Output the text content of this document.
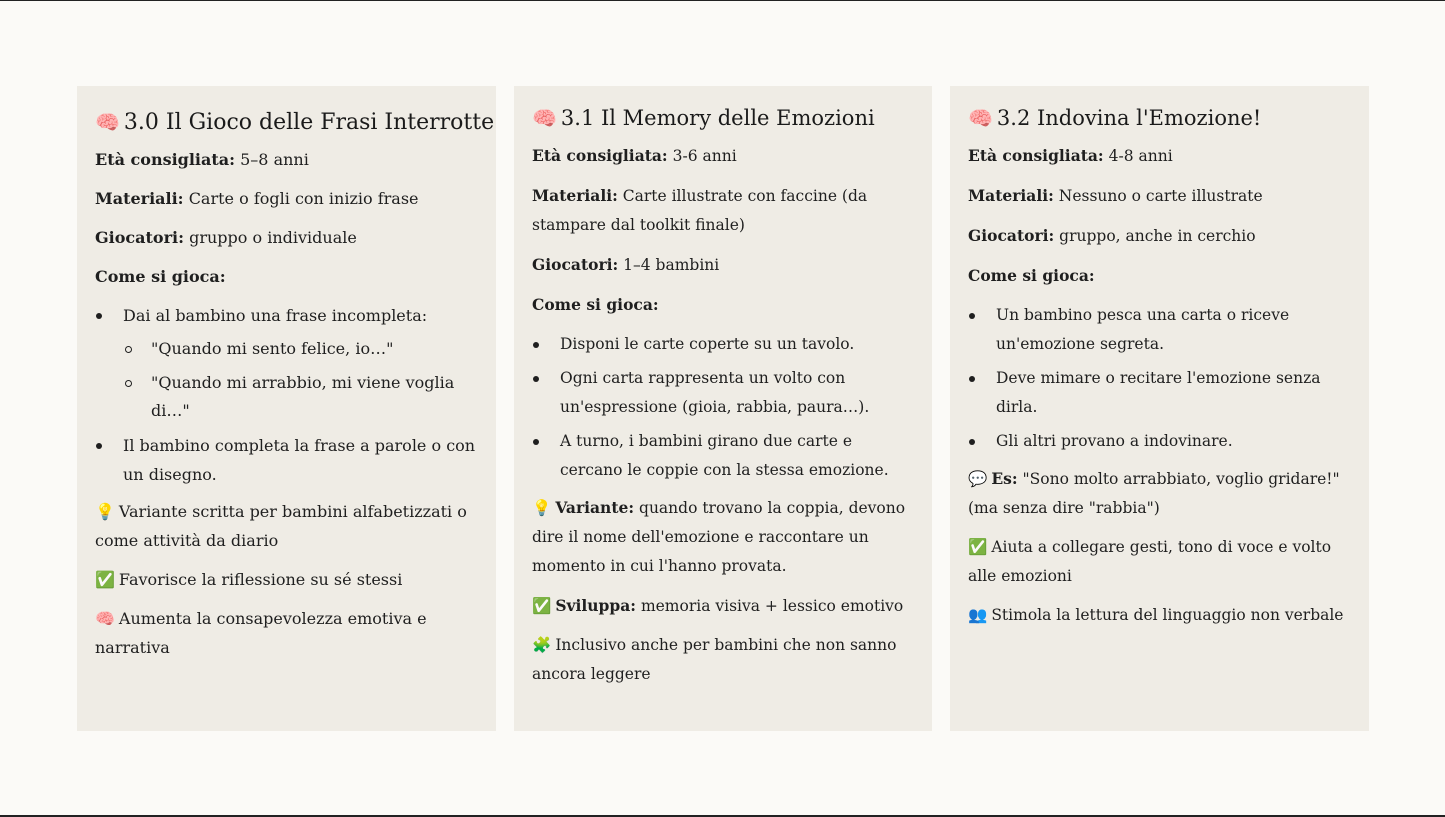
🧠 3.0 Il Gioco delle Frasi Interrotte

Età consigliata: 5–8 anni

Materiali: Carte o fogli con inizio frase

Giocatori: gruppo o individuale

Come si gioca:

Dai al bambino una frase incompleta:
"Quando mi sento felice, io…"
"Quando mi arrabbio, mi viene voglia di…"
Il bambino completa la frase a parole o con un disegno.

💡 Variante scritta per bambini alfabetizzati o come attività da diario

✅ Favorisce la riflessione su sé stessi

🧠 Aumenta la consapevolezza emotiva e narrativa

🧠 3.1 Il Memory delle Emozioni

Età consigliata: 3-6 anni

Materiali: Carte illustrate con faccine (da stampare dal toolkit finale)

Giocatori: 1–4 bambini

Come si gioca:

Disponi le carte coperte su un tavolo.
Ogni carta rappresenta un volto con un'espressione (gioia, rabbia, paura…).
A turno, i bambini girano due carte e cercano le coppie con la stessa emozione.

💡 Variante: quando trovano la coppia, devono dire il nome dell'emozione e raccontare un momento in cui l'hanno provata.

✅ Sviluppa: memoria visiva + lessico emotivo

🧩 Inclusivo anche per bambini che non sanno ancora leggere

🧠 3.2 Indovina l'Emozione!

Età consigliata: 4-8 anni

Materiali: Nessuno o carte illustrate

Giocatori: gruppo, anche in cerchio

Come si gioca:

Un bambino pesca una carta o riceve un'emozione segreta.
Deve mimare o recitare l'emozione senza dirla.
Gli altri provano a indovinare.

💬 Es: "Sono molto arrabbiato, voglio gridare!" (ma senza dire "rabbia")

✅ Aiuta a collegare gesti, tono di voce e volto alle emozioni

👥 Stimola la lettura del linguaggio non verbale
